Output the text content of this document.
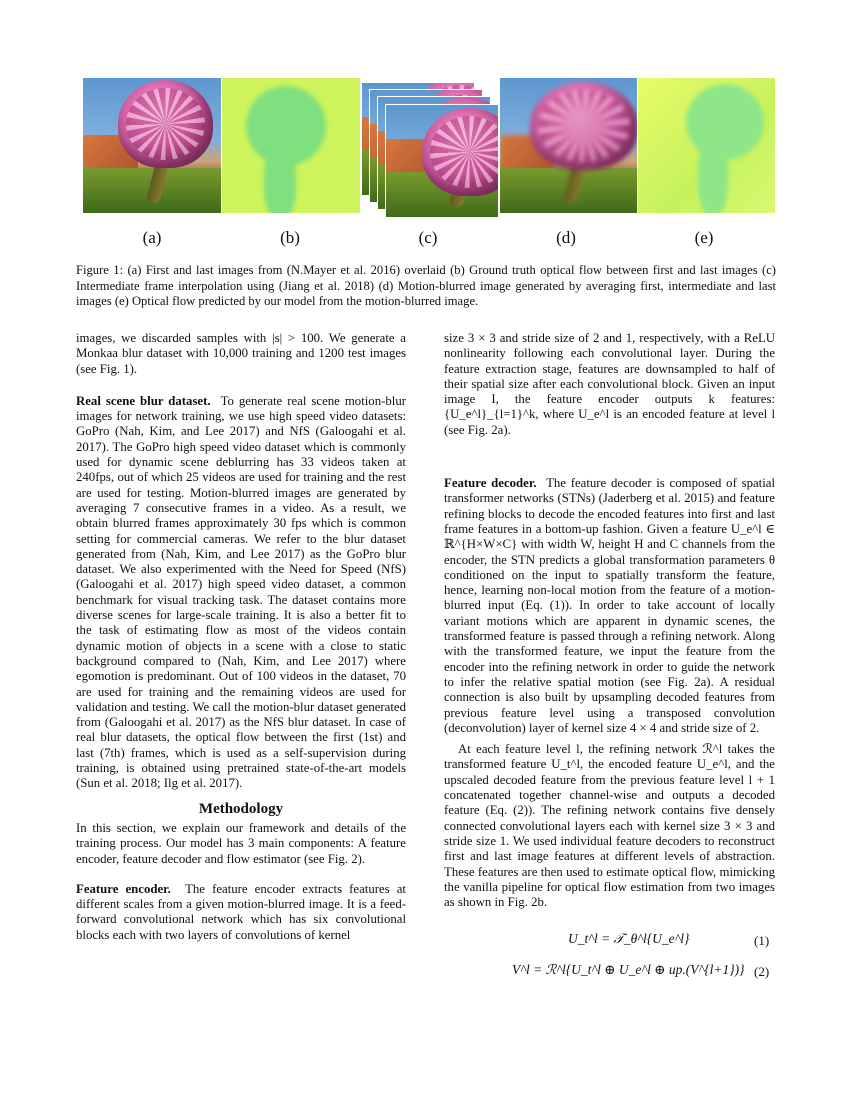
(a)	(b)	(c)	(d)	(e)
Figure 1: (a) First and last images from (N.Mayer et al. 2016) overlaid (b) Ground truth optical flow between first and last images (c) Intermediate frame interpolation using (Jiang et al. 2018) (d) Motion-blurred image generated by averaging first, intermediate and last images (e) Optical flow predicted by our model from the motion-blurred image.

images, we discarded samples with |s| > 100. We generate a Monkaa blur dataset with 10,000 training and 1200 test images (see Fig. 1).

Real scene blur dataset. To generate real scene motion-blur images for network training, we use high speed video datasets: GoPro (Nah, Kim, and Lee 2017) and NfS (Galoogahi et al. 2017). The GoPro high speed video dataset which is commonly used for dynamic scene deblurring has 33 videos taken at 240fps, out of which 25 videos are used for training and the rest are used for testing. Motion-blurred images are generated by averaging 7 consecutive frames in a video. As a result, we obtain blurred frames approximately 30 fps which is common setting for commercial cameras. We refer to the blur dataset generated from (Nah, Kim, and Lee 2017) as the GoPro blur dataset. We also experimented with the Need for Speed (NfS) (Galoogahi et al. 2017) high speed video dataset, a common benchmark for visual tracking task. The dataset contains more diverse scenes for large-scale training. It is also a better fit to the task of estimating flow as most of the videos contain dynamic motion of objects in a scene with a close to static background compared to (Nah, Kim, and Lee 2017) where egomotion is predominant. Out of 100 videos in the dataset, 70 are used for training and the remaining videos are used for validation and testing. We call the motion-blur dataset generated from (Galoogahi et al. 2017) as the NfS blur dataset. In case of real blur datasets, the optical flow between the first (1st) and last (7th) frames, which is used as a self-supervision during training, is obtained using pretrained state-of-the-art models (Sun et al. 2018; Ilg et al. 2017).

Methodology

In this section, we explain our framework and details of the training process. Our model has 3 main components: A feature encoder, feature decoder and flow estimator (see Fig. 2).

Feature encoder. The feature encoder extracts features at different scales from a given motion-blurred image. It is a feed-forward convolutional network which has six convolutional blocks each with two layers of convolutions of kernel

size 3 × 3 and stride size of 2 and 1, respectively, with a ReLU nonlinearity following each convolutional layer. During the feature extraction stage, features are downsampled to half of their spatial size after each convolutional block. Given an input image I, the feature encoder outputs k features: {U_e^l}_{l=1}^k, where U_e^l is an encoded feature at level l (see Fig. 2a).

Feature decoder. The feature decoder is composed of spatial transformer networks (STNs) (Jaderberg et al. 2015) and feature refining blocks to decode the encoded features into first and last frame features in a bottom-up fashion. Given a feature U_e^l ∈ ℝ^{H×W×C} with width W, height H and C channels from the encoder, the STN predicts a global transformation parameters θ conditioned on the input to spatially transform the feature, hence, learning non-local motion from the feature of a motion-blurred input (Eq. (1)). In order to take account of locally variant motions which are apparent in dynamic scenes, the transformed feature is passed through a refining network. Along with the transformed feature, we input the feature from the encoder into the refining network in order to guide the network to infer the relative spatial motion (see Fig. 2a). A residual connection is also built by upsampling decoded features from previous feature level using a transposed convolution (deconvolution) layer of kernel size 4 × 4 and stride size of 2.

At each feature level l, the refining network ℛ^l takes the transformed feature U_t^l, the encoded feature U_e^l, and the upscaled decoded feature from the previous feature level l + 1 concatenated together channel-wise and outputs a decoded feature (Eq. (2)). The refining network contains five densely connected convolutional layers each with kernel size 3 × 3 and stride size 1. We used individual feature decoders to reconstruct first and last image features at different levels of abstraction. These features are then used to estimate optical flow, mimicking the vanilla pipeline for optical flow estimation from two images as shown in Fig. 2b.

U_t^l = 𝒯_θ^l{U_e^l}	(1)
V^l = ℛ^l{U_t^l ⊕ U_e^l ⊕ up.(V^{l+1})} (2)
